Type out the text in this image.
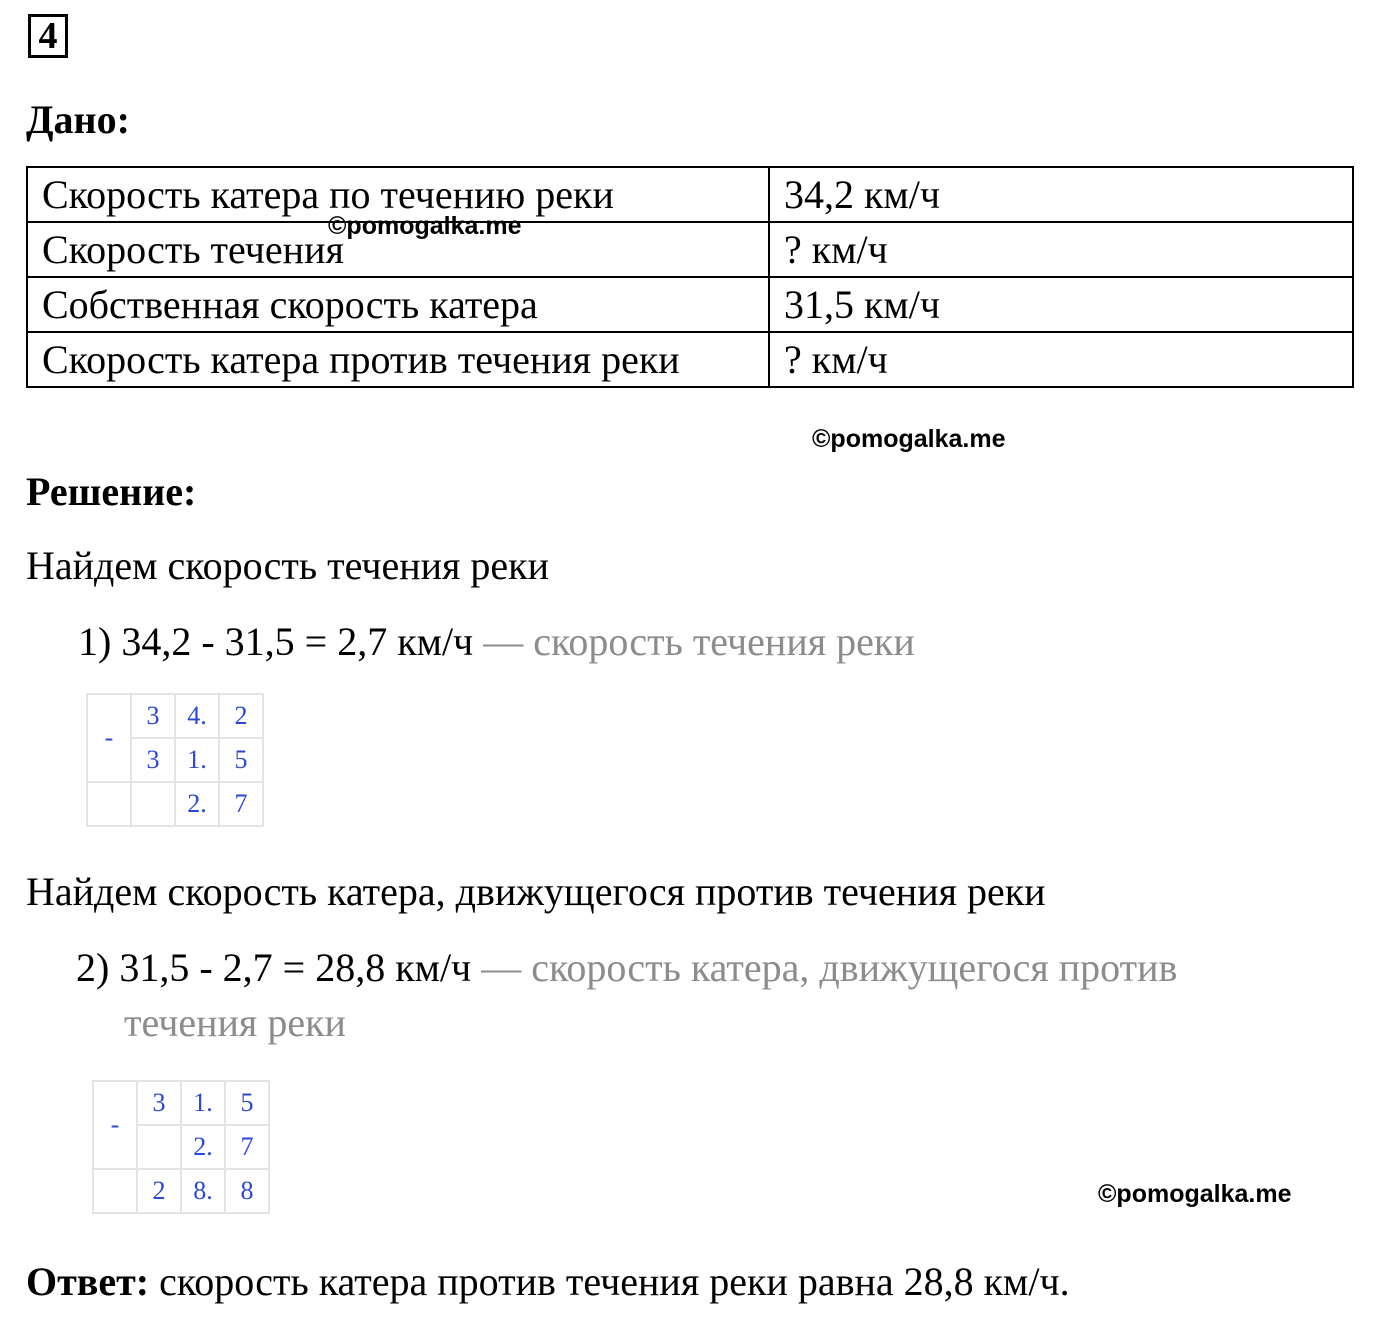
4
Дано:
Скорость катера по течению реки	34,2 км/ч
Скорость течения	? км/ч
Собственная скорость катера	31,5 км/ч
Скорость катера против течения реки	? км/ч
©pomogalka.me
©pomogalka.me
Решение:
Найдем скорость течения реки
1) 34,2 - 31,5 = 2,7 км/ч — скорость течения реки
-	3	4.	2
	3	1.	5
		2.	7
Найдем скорость катера, движущегося против течения реки
2) 31,5 - 2,7 = 28,8 км/ч — скорость катера, движущегося против
течения реки
-	3	1.	5
		2.	7
	2	8.	8	©pomogalka.me
Ответ: скорость катера против течения реки равна 28,8 км/ч.
